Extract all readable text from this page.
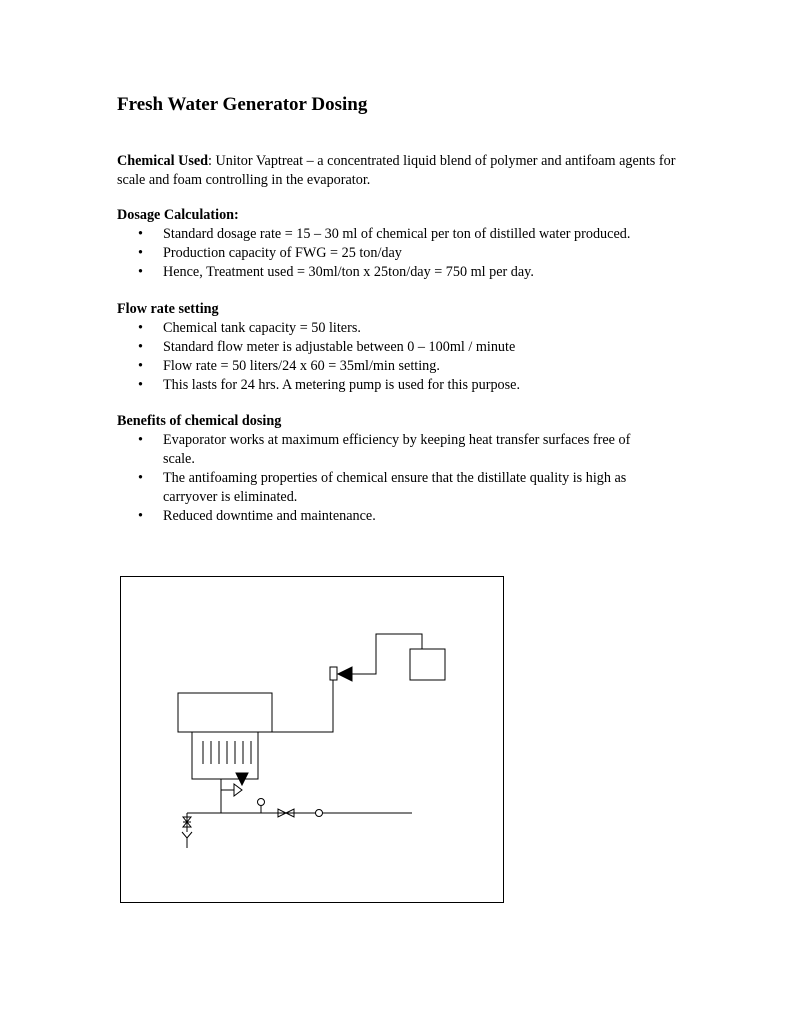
Fresh Water Generator Dosing

Chemical Used: Unitor Vaptreat – a concentrated liquid blend of polymer and antifoam agents for scale and foam controlling in the evaporator.

Dosage Calculation:
• Standard dosage rate = 15 – 30 ml of chemical per ton of distilled water produced.
• Production capacity of FWG = 25 ton/day
• Hence, Treatment used = 30ml/ton x 25ton/day = 750 ml per day.
Flow rate setting
• Chemical tank capacity = 50 liters.
• Standard flow meter is adjustable between 0 – 100ml / minute
• Flow rate = 50 liters/24 x 60 = 35ml/min setting.
• This lasts for 24 hrs. A metering pump is used for this purpose.
Benefits of chemical dosing
• Evaporator works at maximum efficiency by keeping heat transfer surfaces free of scale.
• The antifoaming properties of chemical ensure that the distillate quality is high as carryover is eliminated.
• Reduced downtime and maintenance.
